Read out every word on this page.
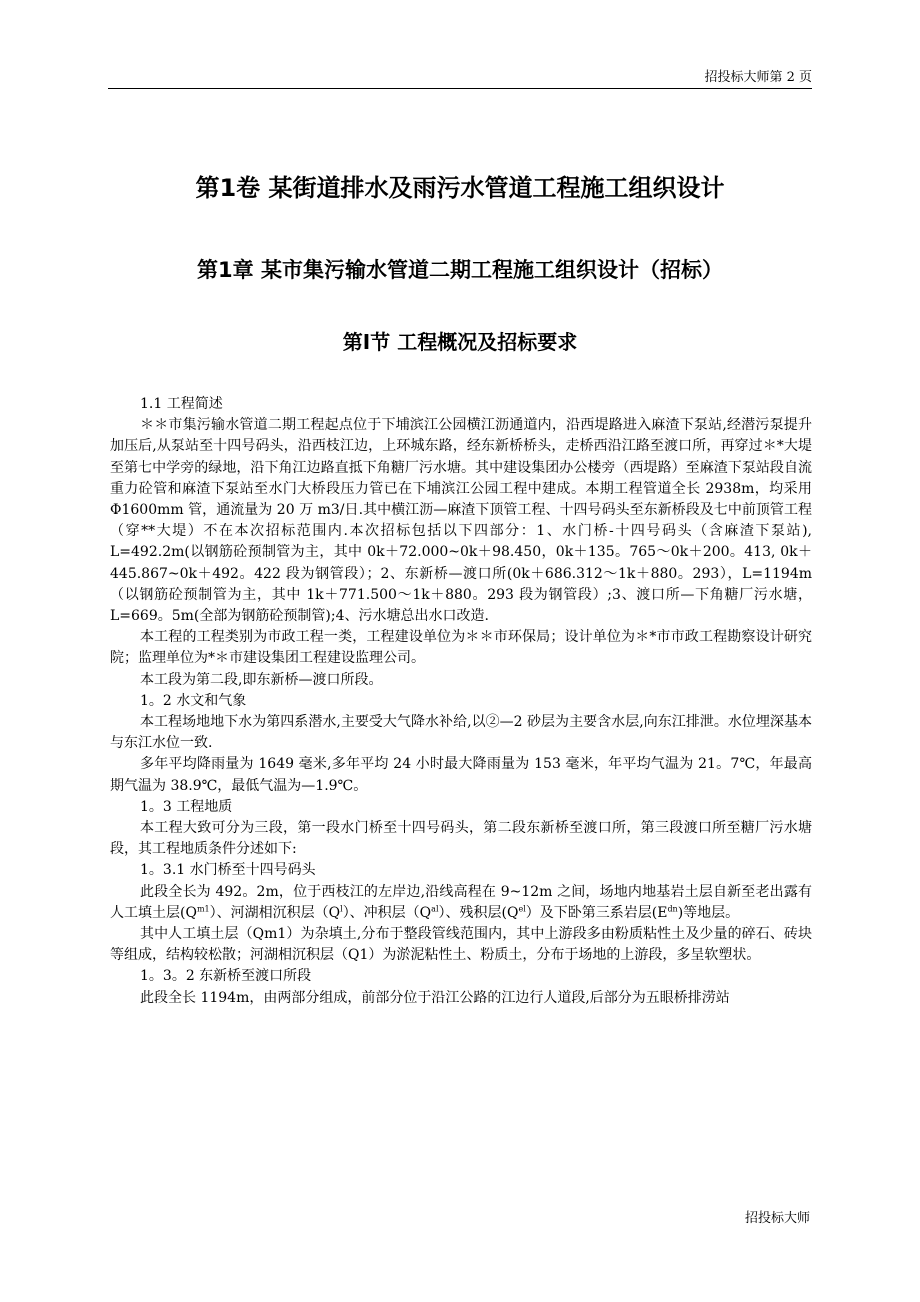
招投标大师第 2 页
第1卷 某街道排水及雨污水管道工程施工组织设计
第1章 某市集污输水管道二期工程施工组织设计（招标）
第I节 工程概况及招标要求

1.1 工程简述

＊＊市集污输水管道二期工程起点位于下埔滨江公园横江沥通道内，沿西堤路进入麻渣下泵站,经潜污泵提升加压后,从泵站至十四号码头，沿西枝江边，上环城东路，经东新桥桥头，走桥西沿江路至渡口所，再穿过＊*大堤至第七中学旁的绿地，沿下角江边路直抵下角糖厂污水塘。其中建设集团办公楼旁（西堤路）至麻渣下泵站段自流重力砼管和麻渣下泵站至水门大桥段压力管已在下埔滨江公园工程中建成。本期工程管道全长 2938m，均采用Φ1600mm 管，通流量为 20 万 m3/日.其中横江沥—麻渣下顶管工程、十四号码头至东新桥段及七中前顶管工程（穿**大堤）不在本次招标范围内.本次招标包括以下四部分：1、水门桥-十四号码头（含麻渣下泵站), L=492.2m(以钢筋砼预制管为主，其中 0k＋72.000~0k＋98.450，0k＋135。765～0k＋200。413, 0k＋445.867~0k＋492。422 段为钢管段）；2、东新桥—渡口所(0k＋686.312～1k＋880。293），L=1194m（以钢筋砼预制管为主，其中 1k＋771.500～1k＋880。293 段为钢管段）;3、渡口所—下角糖厂污水塘，L=669。5m(全部为钢筋砼预制管);4、污水塘总出水口改造.

本工程的工程类别为市政工程一类，工程建设单位为＊＊市环保局；设计单位为＊*市市政工程勘察设计研究院；监理单位为*＊市建设集团工程建设监理公司。

本工段为第二段,即东新桥—渡口所段。

1。2 水文和气象

本工程场地地下水为第四系潜水,主要受大气降水补给,以②—2 砂层为主要含水层,向东江排泄。水位埋深基本与东江水位一致.

多年平均降雨量为 1649 毫米,多年平均 24 小时最大降雨量为 153 毫米，年平均气温为 21。7℃，年最高期气温为 38.9℃，最低气温为—1.9℃。

1。3 工程地质

本工程大致可分为三段，第一段水门桥至十四号码头，第二段东新桥至渡口所，第三段渡口所至糖厂污水塘段，其工程地质条件分述如下:

1。3.1 水门桥至十四号码头

此段全长为 492。2m，位于西枝江的左岸边,沿线高程在 9~12m 之间，场地内地基岩土层自新至老出露有人工填土层$(Q^{m1})$、河湖相沉积层$(Q^l)$、冲积层$(Q^{al})$、残积层$(Q^{el})$及下卧第三系岩层$(E^{dn})$等地层。

其中人工填土层（Qm1）为杂填土,分布于整段管线范围内，其中上游段多由粉质粘性土及少量的碎石、砖块等组成，结构较松散；河湖相沉积层（Q1）为淤泥粘性土、粉质土，分布于场地的上游段，多呈软塑状。

1。3。2 东新桥至渡口所段

此段全长 1194m，由两部分组成，前部分位于沿江公路的江边行人道段,后部分为五眼桥排涝站

招投标大师
